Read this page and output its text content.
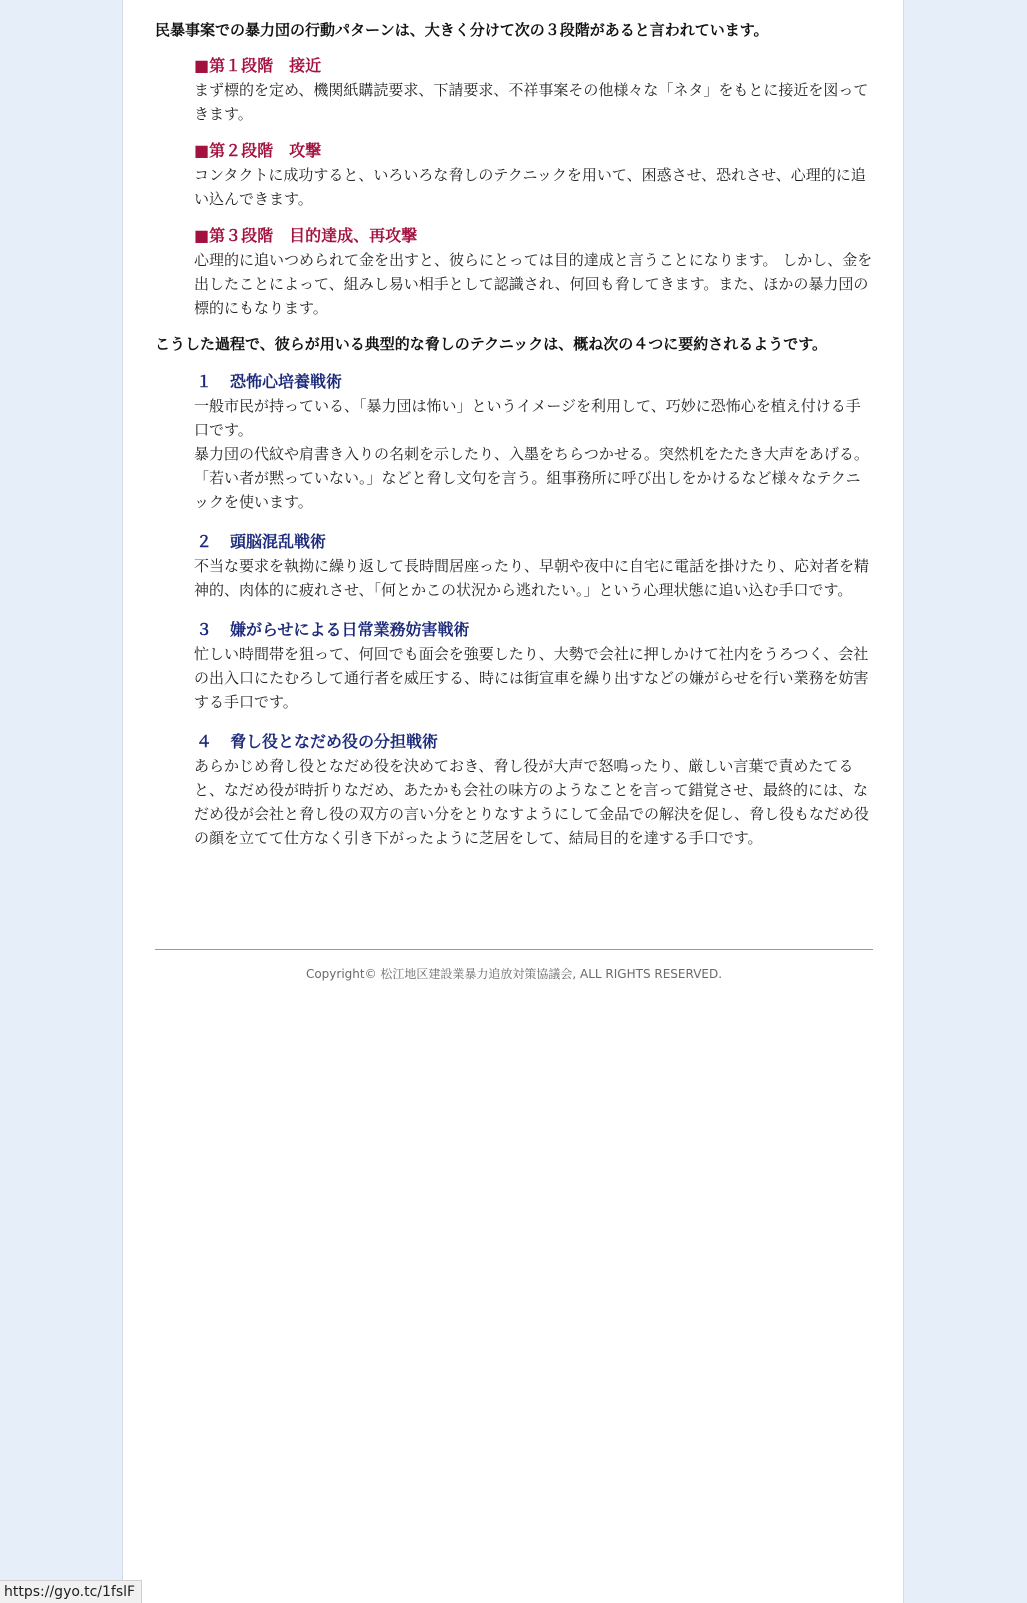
民暴事案での暴力団の行動パターンは、大きく分けて次の３段階があると言われています。

■第１段階　接近

まず標的を定め、機関紙購読要求、下請要求、不祥事案その他様々な「ネタ」をもとに接近を図ってきます。

■第２段階　攻撃

コンタクトに成功すると、いろいろな脅しのテクニックを用いて、困惑させ、恐れさせ、心理的に追い込んできます。

■第３段階　目的達成、再攻撃

心理的に追いつめられて金を出すと、彼らにとっては目的達成と言うことになります。 しかし、金を出したことによって、組みし易い相手として認識され、何回も脅してきます。また、ほかの暴力団の標的にもなります。

こうした過程で、彼らが用いる典型的な脅しのテクニックは、概ね次の４つに要約されるようです。

１ 恐怖心培養戦術

一般市民が持っている、「暴力団は怖い」というイメージを利用して、巧妙に恐怖心を植え付ける手口です。

暴力団の代紋や肩書き入りの名刺を示したり、入墨をちらつかせる。突然机をたたき大声をあげる。「若い者が黙っていない。」などと脅し文句を言う。組事務所に呼び出しをかけるなど様々なテクニックを使います。

２ 頭脳混乱戦術

不当な要求を執拗に繰り返して長時間居座ったり、早朝や夜中に自宅に電話を掛けたり、応対者を精神的、肉体的に疲れさせ、「何とかこの状況から逃れたい。」という心理状態に追い込む手口です。

３ 嫌がらせによる日常業務妨害戦術

忙しい時間帯を狙って、何回でも面会を強要したり、大勢で会社に押しかけて社内をうろつく、会社の出入口にたむろして通行者を威圧する、時には街宣車を繰り出すなどの嫌がらせを行い業務を妨害する手口です。

４ 脅し役となだめ役の分担戦術

あらかじめ脅し役となだめ役を決めておき、脅し役が大声で怒鳴ったり、厳しい言葉で責めたてると、なだめ役が時折りなだめ、あたかも会社の味方のようなことを言って錯覚させ、最終的には、なだめ役が会社と脅し役の双方の言い分をとりなすようにして金品での解決を促し、脅し役もなだめ役の顔を立てて仕方なく引き下がったように芝居をして、結局目的を達する手口です。

Copyright© 松江地区建設業暴力追放対策協議会, ALL RIGHTS RESERVED.
https://gyo.tc/1fslF
